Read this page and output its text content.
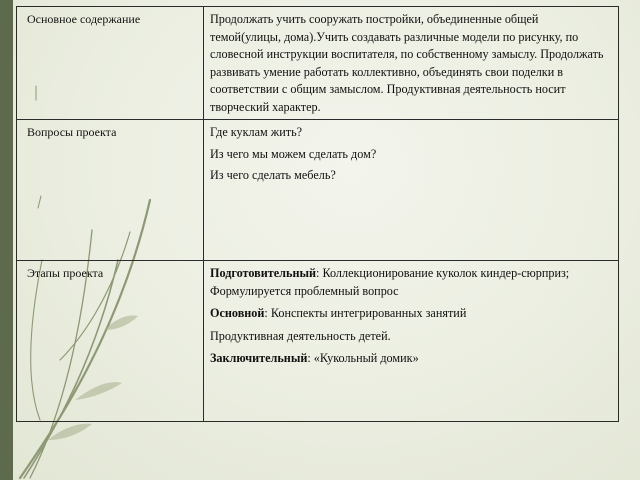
Основное содержание	Продолжать учить сооружать постройки, объединенные общей темой(улицы, дома).Учить создавать различные модели по рисунку, по словесной инструкции воспитателя, по собственному замыслу. Продолжать развивать умение работать коллективно, объединять свои поделки в соответствии с общим замыслом. Продуктивная деятельность носит творческий характер.
Вопросы проекта	Где куклам жить?
Из чего мы можем сделать дом?
Из чего сделать мебель?

Этапы проекта	Подготовительный: Коллекционирование куколок киндер-сюрприз; Формулируется проблемный вопрос
Основной: Конспекты интегрированных занятий
Продуктивная деятельность детей.
Заключительный: «Кукольный домик»
